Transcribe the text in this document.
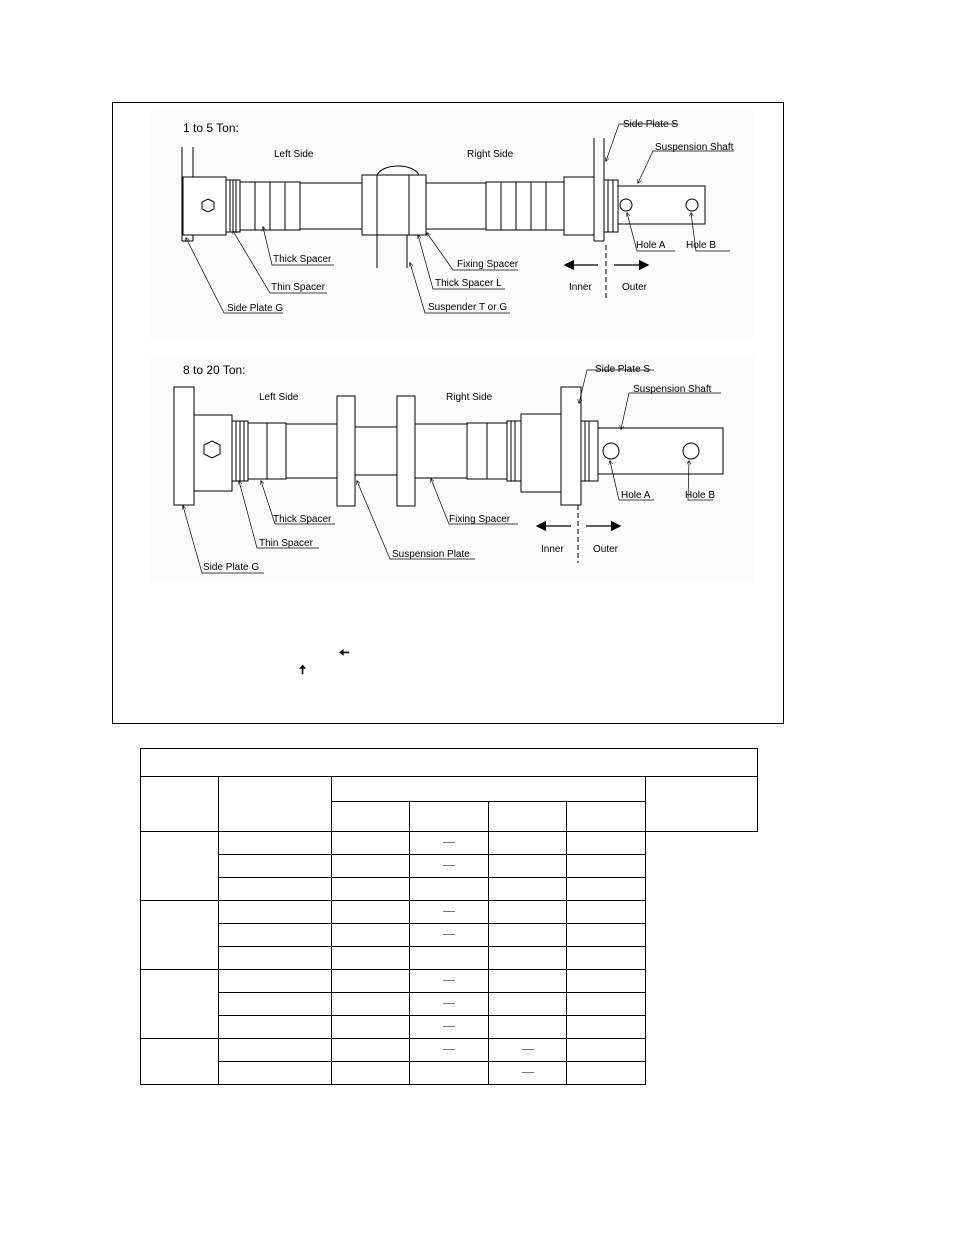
1 to 5 Ton:
Left Side	Right Side
Side Plate S
Suspension Shaft
Hole A Hole B
Thick Spacer
Thin Spacer
Side Plate G
Fixing Spacer
Thick Spacer L
Suspender T or G
Inner	Outer
8 to 20 Ton:
Left Side	Right Side
Side Plate S
Suspension Shaft
Hole A	Hole B
Thick Spacer
Thin Spacer
Side Plate G
Suspension Plate
Fixing Spacer
Inner	Outer
🠤
🠥
